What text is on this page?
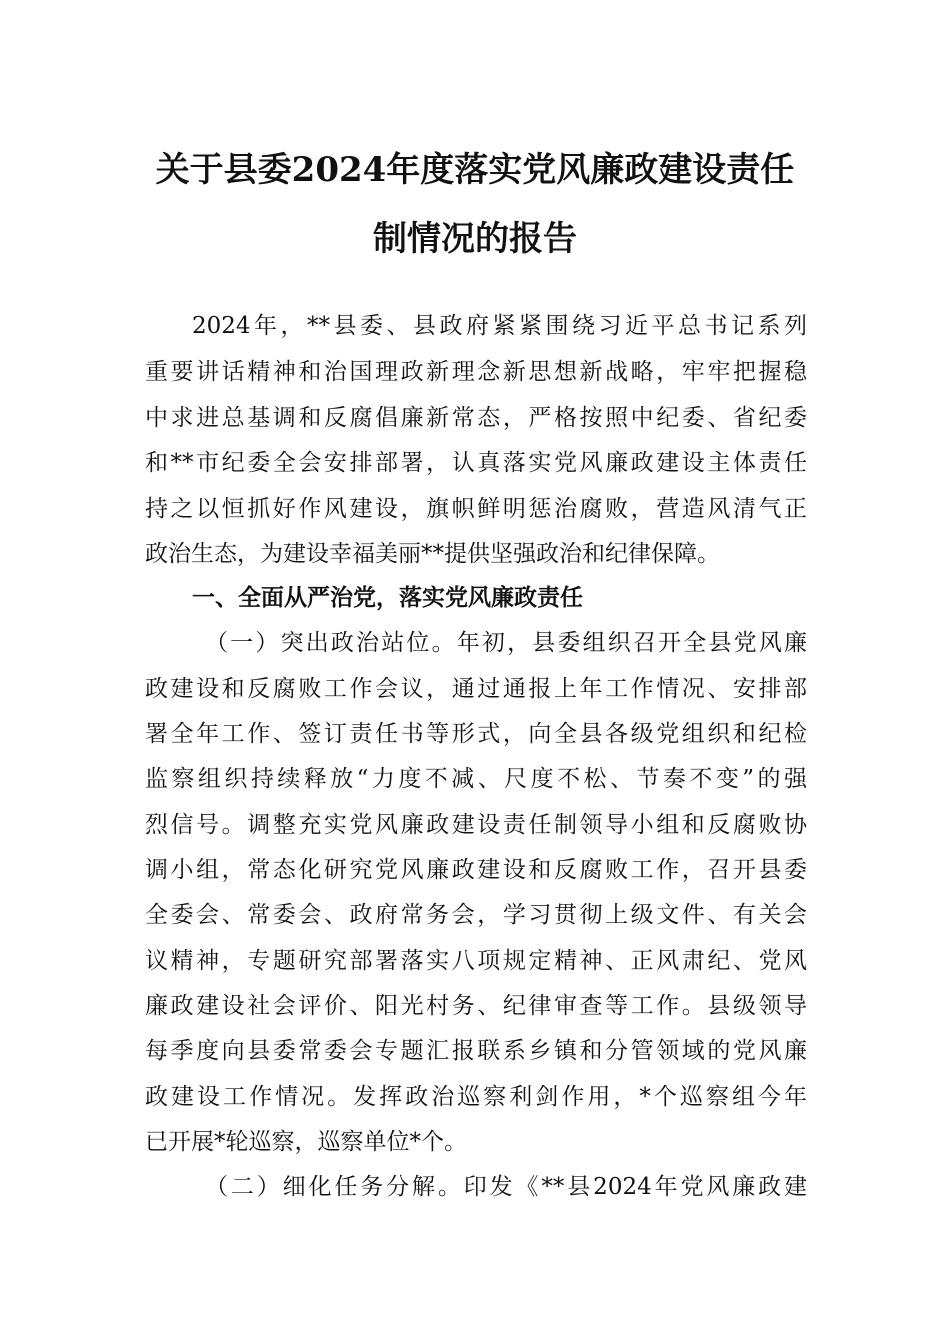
关于县委2024年度落实党风廉政建设责任
制情况的报告
2024年，**县委、县政府紧紧围绕习近平总书记系列
重要讲话精神和治国理政新理念新思想新战略，牢牢把握稳
中求进总基调和反腐倡廉新常态，严格按照中纪委、省纪委
和**市纪委全会安排部署，认真落实党风廉政建设主体责任
持之以恒抓好作风建设，旗帜鲜明惩治腐败，营造风清气正
政治生态，为建设幸福美丽**提供坚强政治和纪律保障。
一、全面从严治党，落实党风廉政责任
（一）突出政治站位。年初，县委组织召开全县党风廉
政建设和反腐败工作会议，通过通报上年工作情况、安排部
署全年工作、签订责任书等形式，向全县各级党组织和纪检
监察组织持续释放“力度不减、尺度不松、节奏不变”的强
烈信号。调整充实党风廉政建设责任制领导小组和反腐败协
调小组，常态化研究党风廉政建设和反腐败工作，召开县委
全委会、常委会、政府常务会，学习贯彻上级文件、有关会
议精神，专题研究部署落实八项规定精神、正风肃纪、党风
廉政建设社会评价、阳光村务、纪律审查等工作。县级领导
每季度向县委常委会专题汇报联系乡镇和分管领域的党风廉
政建设工作情况。发挥政治巡察利剑作用，*个巡察组今年
已开展*轮巡察，巡察单位*个。
（二）细化任务分解。印发《**县2024年党风廉政建
